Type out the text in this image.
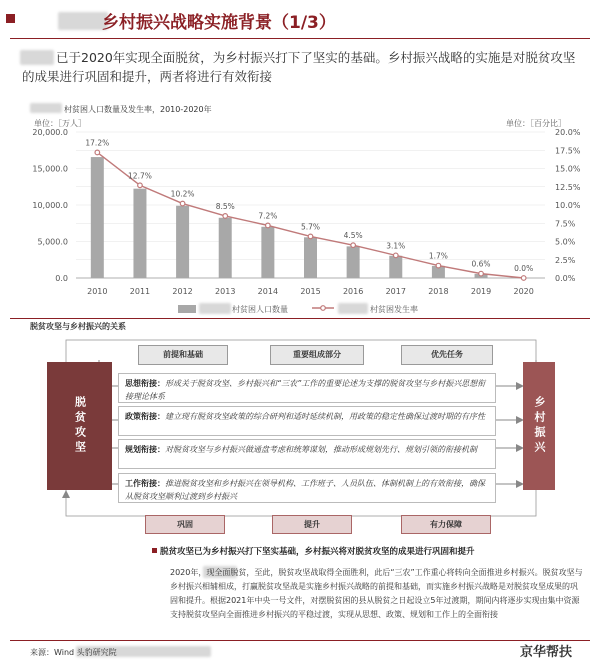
乡村振兴战略实施背景（1/3）
已于2020年实现全面脱贫，为乡村振兴打下了坚实的基础。乡村振兴战略的实施是对脱贫攻坚的成果进行巩固和提升，两者将进行有效衔接
村贫困人口数量及发生率，2010-2020年
单位：［万人］	单位：［百分比］
0.0
5,000.0
10,000.0
15,000.0
20,000.0
0.0%
2.5%
5.0%
7.5%
10.0%
12.5%
15.0%
17.5%
20.0%
17.2%
12.7%
10.2%
8.5%
7.2%
5.7%
4.5%
3.1%
1.7%
0.6%	0.0%
2010	2011	2012	2013	2014	2015	2016	2017	2018	2019	2020
村贫困人口数量	村贫困发生率
脱贫攻坚与乡村振兴的关系
前提和基础	重要组成部分	优先任务
脱贫攻坚	乡村振兴
思想衔接：形成关于脱贫攻坚、乡村振兴和“三农”工作的重要论述为支撑的脱贫攻坚与乡村振兴思想衔接理论体系
政策衔接：建立现有脱贫攻坚政策的综合研判和适时延续机制，用政策的稳定性确保过渡时期的有序性
规划衔接：对脱贫攻坚与乡村振兴做通盘考虑和统筹谋划，推动形成规划先行、规划引领的衔接机制
工作衔接：推进脱贫攻坚和乡村振兴在领导机构、工作班子、人员队伍、体制机制上的有效衔接，确保从脱贫攻坚顺利过渡到乡村振兴
巩固	提升	有力保障
脱贫攻坚已为乡村振兴打下坚实基础，乡村振兴将对脱贫攻坚的成果进行巩固和提升
2020年，现全面脱贫，至此，脱贫攻坚战取得全面胜利，此后“三农”工作重心将转向全面推进乡村振兴。脱贫攻坚与乡村振兴相辅相成，打赢脱贫攻坚战是实施乡村振兴战略的前提和基础，而实施乡村振兴战略是对脱贫攻坚成果的巩固和提升。根据2021年中央一号文件，对摆脱贫困的县从脱贫之日起设立5年过渡期，期间内将逐步实现由集中资源支持脱贫攻坚向全面推进乡村振兴的平稳过渡，实现从思想、政策、规划和工作上的全面衔接
来源：Wind 头豹研究院	京华帮扶
